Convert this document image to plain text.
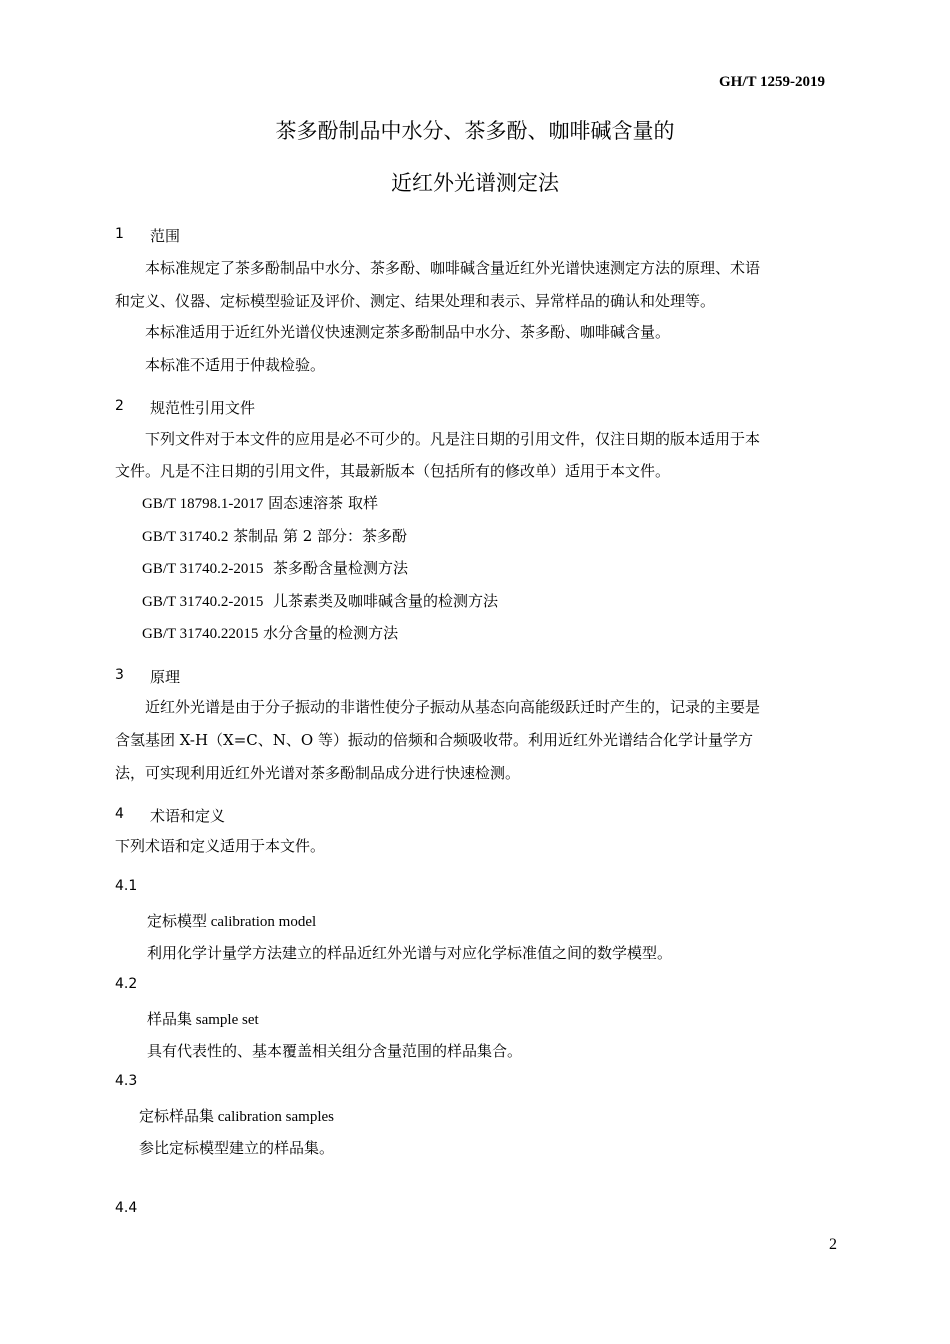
GH/T 1259-2019
茶多酚制品中水分、茶多酚、咖啡碱含量的
近红外光谱测定法
1 范围
本标准规定了茶多酚制品中水分、茶多酚、咖啡碱含量近红外光谱快速测定方法的原理、术语
和定义、仪器、定标模型验证及评价、测定、结果处理和表示、异常样品的确认和处理等。
本标准适用于近红外光谱仪快速测定茶多酚制品中水分、茶多酚、咖啡碱含量。
本标准不适用于仲裁检验。
2 规范性引用文件
下列文件对于本文件的应用是必不可少的。凡是注日期的引用文件，仅注日期的版本适用于本
文件。凡是不注日期的引用文件，其最新版本（包括所有的修改单）适用于本文件。
GB/T 18798.1-2017 固态速溶茶 取样
GB/T 31740.2 茶制品 第 2 部分：茶多酚
GB/T 31740.2-2015  茶多酚含量检测方法
GB/T 31740.2-2015  儿茶素类及咖啡碱含量的检测方法
GB/T 31740.22015 水分含量的检测方法
3 原理
近红外光谱是由于分子振动的非谐性使分子振动从基态向高能级跃迁时产生的，记录的主要是
含氢基团 X-H（X=C、N、O 等）振动的倍频和合频吸收带。利用近红外光谱结合化学计量学方
法，可实现利用近红外光谱对茶多酚制品成分进行快速检测。
4 术语和定义
下列术语和定义适用于本文件。
4.1
定标模型 calibration model
利用化学计量学方法建立的样品近红外光谱与对应化学标准值之间的数学模型。
4.2
样品集 sample set
具有代表性的、基本覆盖相关组分含量范围的样品集合。
4.3
定标样品集 calibration samples
参比定标模型建立的样品集。
4.4
2
